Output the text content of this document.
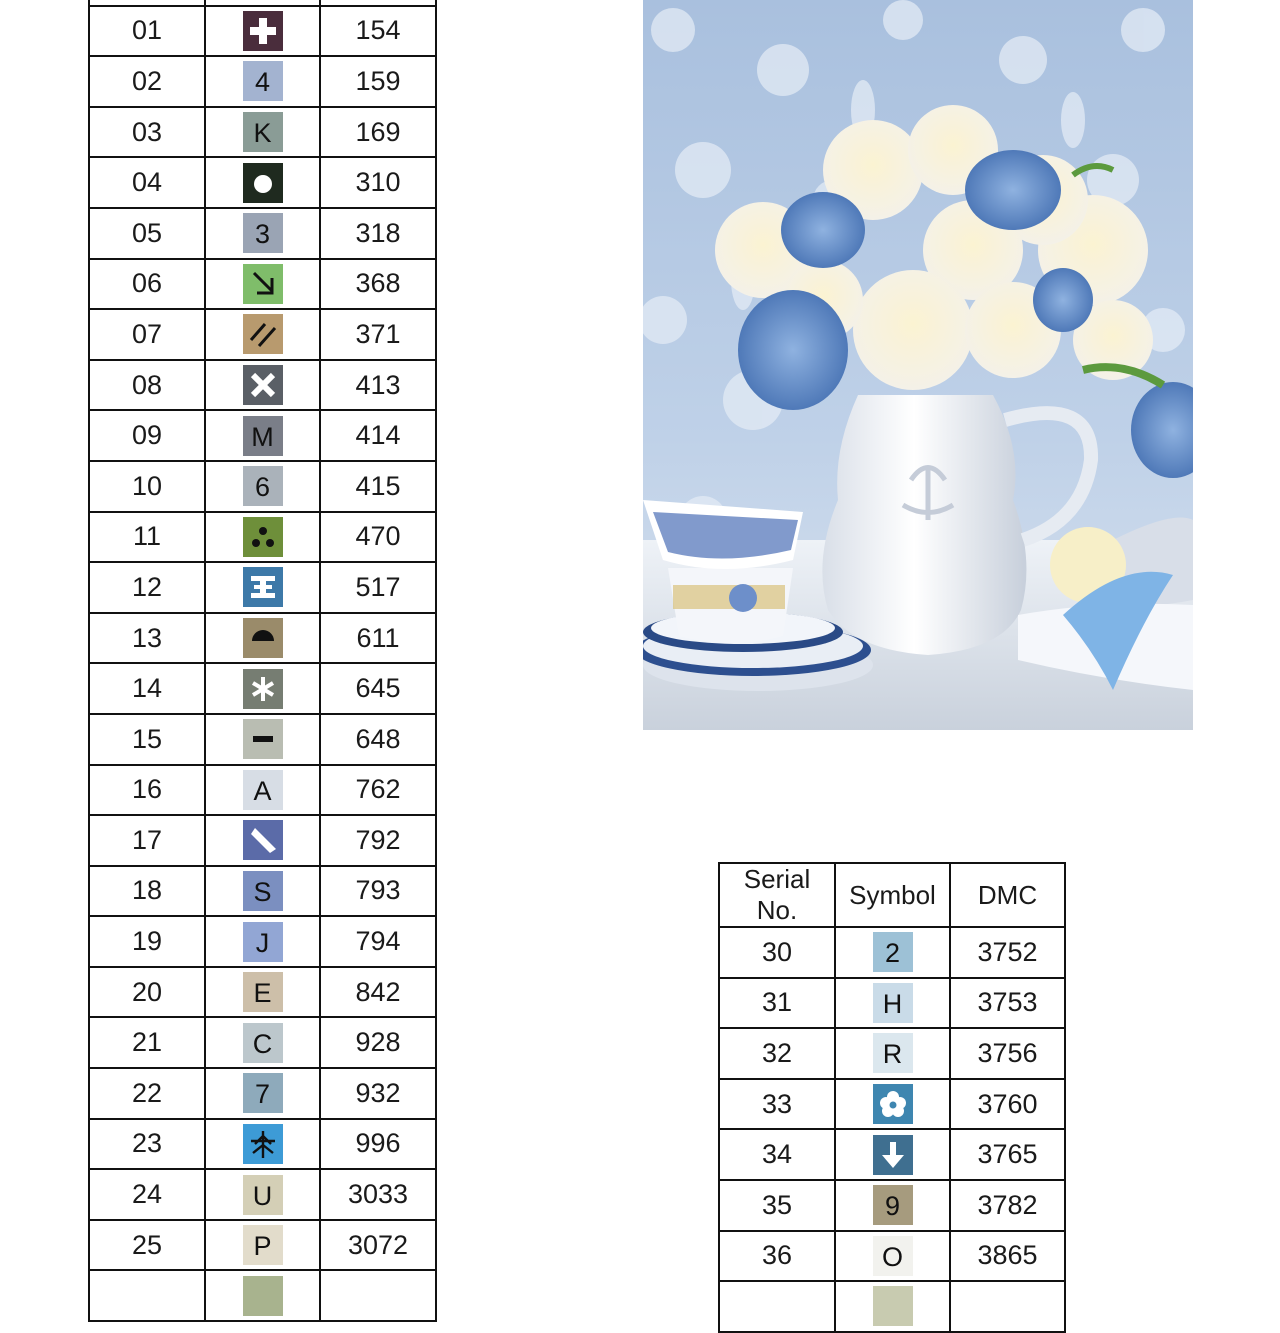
01		154
02	4	159
03	K	169
04		310
05	3	318
06		368
07		371
08		413
09	M	414
10	6	415
11		470
12		517
13		611
14		645
15		648
16	A	762
17		792
18	S	793
19	J	794
20	E	842
21	C	928
22	7	932
23		996
24	U	3033
25	P	3072

Serial No.	Symbol	DMC
30	2	3752
31	H	3753
32	R	3756
33		3760
34		3765
35	9	3782
36	O	3865
